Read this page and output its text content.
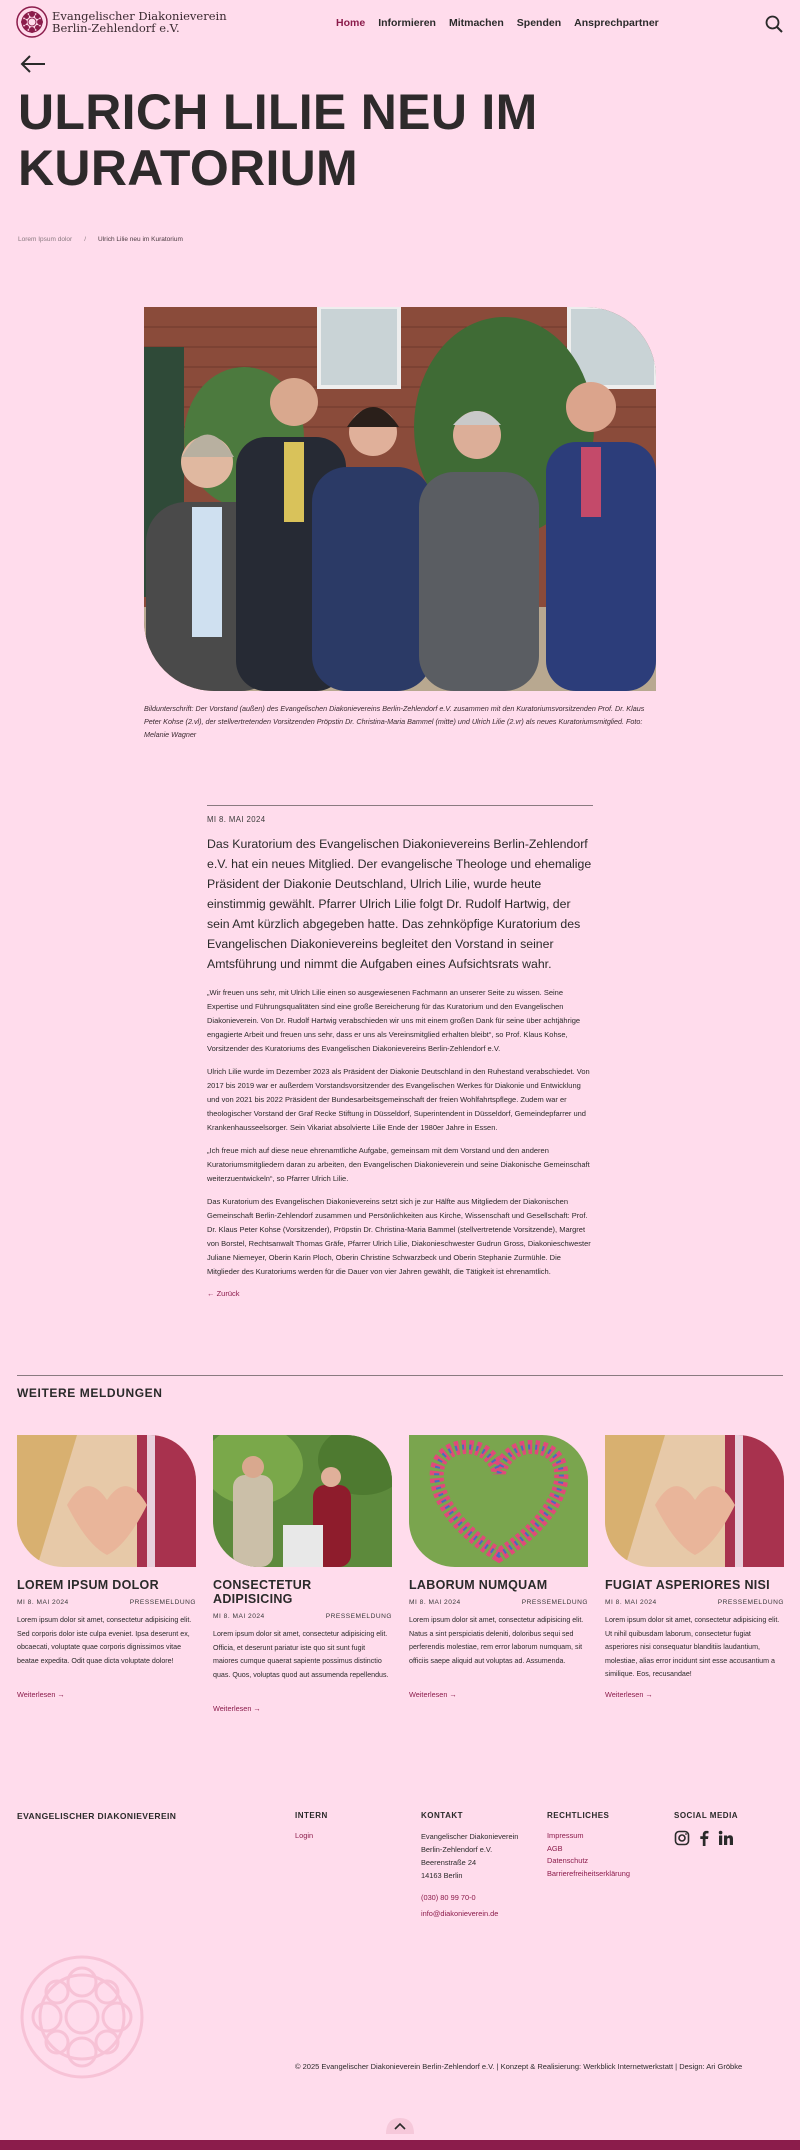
Evangelischer Diakonieverein
Berlin-Zehlendorf e.V.	Home Informieren Mitmachen Spenden Ansprechpartner
ULRICH LILIE NEU IM KURATORIUM
Lorem Ipsum dolor / Ulrich Lilie neu im Kuratorium
Bildunterschrift: Der Vorstand (außen) des Evangelischen Diakonievereins Berlin-Zehlendorf e.V. zusammen mit den Kuratoriumsvorsitzenden Prof. Dr. Klaus Peter Kohse (2.vl), der stellvertretenden Vorsitzenden Pröpstin Dr. Christina-Maria Bammel (mitte) und Ulrich Lilie (2.vr) als neues Kuratoriumsmitglied. Foto: Melanie Wagner
MI 8. MAI 2024
Das Kuratorium des Evangelischen Diakonievereins Berlin-Zehlendorf e.V. hat ein neues Mitglied. Der evangelische Theologe und ehemalige Präsident der Diakonie Deutschland, Ulrich Lilie, wurde heute einstimmig gewählt. Pfarrer Ulrich Lilie folgt Dr. Rudolf Hartwig, der sein Amt kürzlich abgegeben hatte. Das zehnköpfige Kuratorium des Evangelischen Diakonievereins begleitet den Vorstand in seiner Amtsführung und nimmt die Aufgaben eines Aufsichtsrats wahr.

„Wir freuen uns sehr, mit Ulrich Lilie einen so ausgewiesenen Fachmann an unserer Seite zu wissen. Seine Expertise und Führungsqualitäten sind eine große Bereicherung für das Kuratorium und den Evangelischen Diakonieverein. Von Dr. Rudolf Hartwig verabschieden wir uns mit einem großen Dank für seine über achtjährige engagierte Arbeit und freuen uns sehr, dass er uns als Vereinsmitglied erhalten bleibt“, so Prof. Klaus Kohse, Vorsitzender des Kuratoriums des Evangelischen Diakonievereins Berlin-Zehlendorf e.V.

Ulrich Lilie wurde im Dezember 2023 als Präsident der Diakonie Deutschland in den Ruhestand verabschiedet. Von 2017 bis 2019 war er außerdem Vorstandsvorsitzender des Evangelischen Werkes für Diakonie und Entwicklung und von 2021 bis 2022 Präsident der Bundesarbeitsgemeinschaft der freien Wohlfahrtspflege. Zudem war er theologischer Vorstand der Graf Recke Stiftung in Düsseldorf, Superintendent in Düsseldorf, Gemeindepfarrer und Krankenhausseelsorger. Sein Vikariat absolvierte Lilie Ende der 1980er Jahre in Essen.

„Ich freue mich auf diese neue ehrenamtliche Aufgabe, gemeinsam mit dem Vorstand und den anderen Kuratoriumsmitgliedern daran zu arbeiten, den Evangelischen Diakonieverein und seine Diakonische Gemeinschaft weiterzuentwickeln“, so Pfarrer Ulrich Lilie.

Das Kuratorium des Evangelischen Diakonievereins setzt sich je zur Hälfte aus Mitgliedern der Diakonischen Gemeinschaft Berlin-Zehlendorf zusammen und Persönlichkeiten aus Kirche, Wissenschaft und Gesellschaft: Prof. Dr. Klaus Peter Kohse (Vorsitzender), Pröpstin Dr. Christina-Maria Bammel (stellvertretende Vorsitzende), Margret von Borstel, Rechtsanwalt Thomas Gräfe, Pfarrer Ulrich Lilie, Diakonieschwester Gudrun Gross, Diakonieschwester Juliane Niemeyer, Oberin Karin Ploch, Oberin Christine Schwarzbeck und Oberin Stephanie Zurmühle. Die Mitglieder des Kuratoriums werden für die Dauer von vier Jahren gewählt, die Tätigkeit ist ehrenamtlich.

← Zurück
WEITERE MELDUNGEN
LOREM IPSUM DOLOR
MI 8. MAI 2024	PRESSEMELDUNG
Lorem ipsum dolor sit amet, consectetur adipisicing elit. Sed corporis dolor iste culpa eveniet. Ipsa deserunt ex, obcaecati, voluptate quae corporis dignissimos vitae beatae expedita. Odit quae dicta voluptate dolore!
Weiterlesen →
CONSECTETUR ADIPISICING
MI 8. MAI 2024	PRESSEMELDUNG
Lorem ipsum dolor sit amet, consectetur adipisicing elit. Officia, et deserunt pariatur iste quo sit sunt fugit maiores cumque quaerat sapiente possimus distinctio quas. Quos, voluptas quod aut assumenda repellendus.
Weiterlesen →
LABORUM NUMQUAM
MI 8. MAI 2024	PRESSEMELDUNG
Lorem ipsum dolor sit amet, consectetur adipisicing elit. Natus a sint perspiciatis deleniti, doloribus sequi sed perferendis molestiae, rem error laborum numquam, sit officiis saepe aliquid aut voluptas ad. Assumenda.
Weiterlesen →
FUGIAT ASPERIORES NISI
MI 8. MAI 2024	PRESSEMELDUNG
Lorem ipsum dolor sit amet, consectetur adipisicing elit. Ut nihil quibusdam laborum, consectetur fugiat asperiores nisi consequatur blanditiis laudantium, molestiae, alias error incidunt sint esse accusantium a similique. Eos, recusandae!
Weiterlesen →
EVANGELISCHER DIAKONIEVEREIN	INTERN
Login
KONTAKT
Evangelischer Diakonieverein
Berlin-Zehlendorf e.V.
Beerenstraße 24
14163 Berlin
(030) 80 99 70-0
info@diakonieverein.de
RECHTLICHES
Impressum
AGB
Datenschutz
Barrierefreiheitserklärung
SOCIAL MEDIA
© 2025 Evangelischer Diakonieverein Berlin-Zehlendorf e.V. | Konzept & Realisierung: Werkblick Internetwerkstatt | Design: Ari Gröbke
